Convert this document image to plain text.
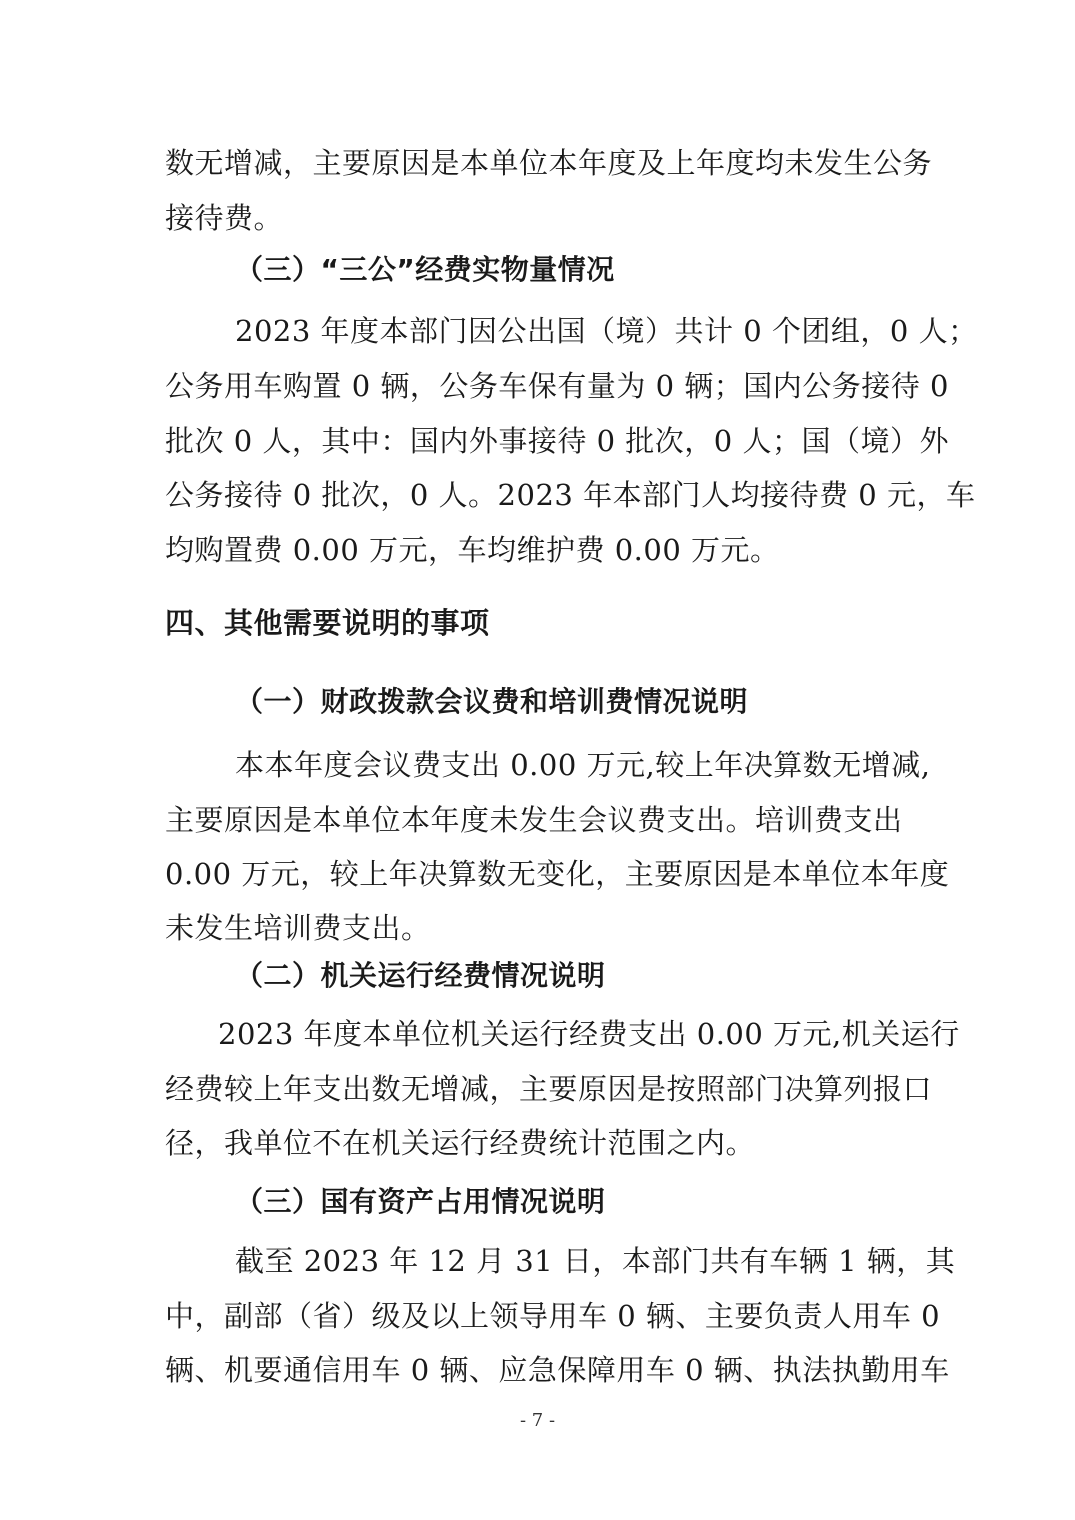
数无增减，主要原因是本单位本年度及上年度均未发生公务
接待费。
（三）“三公”经费实物量情况
2023 年度本部门因公出国（境）共计 0 个团组，0 人；
公务用车购置 0 辆，公务车保有量为 0 辆；国内公务接待 0
批次 0 人，其中：国内外事接待 0 批次，0 人；国（境）外
公务接待 0 批次，0 人。2023 年本部门人均接待费 0 元，车
均购置费 0.00 万元，车均维护费 0.00 万元。
四、其他需要说明的事项
（一）财政拨款会议费和培训费情况说明
本本年度会议费支出 0.00 万元,较上年决算数无增减,
主要原因是本单位本年度未发生会议费支出。培训费支出
0.00 万元，较上年决算数无变化，主要原因是本单位本年度
未发生培训费支出。
（二）机关运行经费情况说明
2023 年度本单位机关运行经费支出 0.00 万元,机关运行
经费较上年支出数无增减，主要原因是按照部门决算列报口
径，我单位不在机关运行经费统计范围之内。
（三）国有资产占用情况说明
截至 2023 年 12 月 31 日，本部门共有车辆 1 辆，其
中，副部（省）级及以上领导用车 0 辆、主要负责人用车 0
辆、机要通信用车 0 辆、应急保障用车 0 辆、执法执勤用车
- 7 -
